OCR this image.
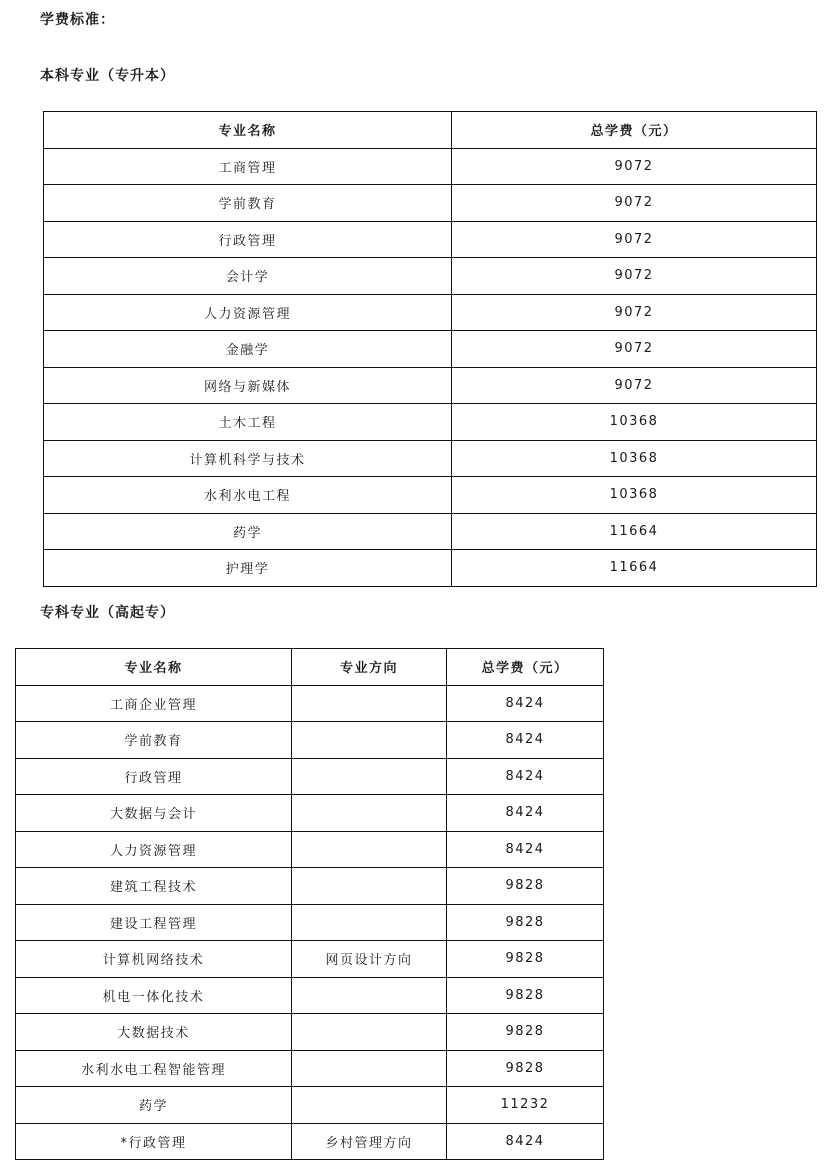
学费标准：
本科专业（专升本）
专业名称	总学费（元）
工商管理	9072
学前教育	9072
行政管理	9072
会计学	9072
人力资源管理	9072
金融学	9072
网络与新媒体	9072
土木工程	10368
计算机科学与技术	10368
水利水电工程	10368
药学	11664
护理学	11664
专科专业（高起专）
专业名称	专业方向	总学费（元）
工商企业管理		8424
学前教育		8424
行政管理		8424
大数据与会计		8424
人力资源管理		8424
建筑工程技术		9828
建设工程管理		9828
计算机网络技术	网页设计方向	9828
机电一体化技术		9828
大数据技术		9828
水利水电工程智能管理		9828
药学		11232
*行政管理	乡村管理方向	8424
